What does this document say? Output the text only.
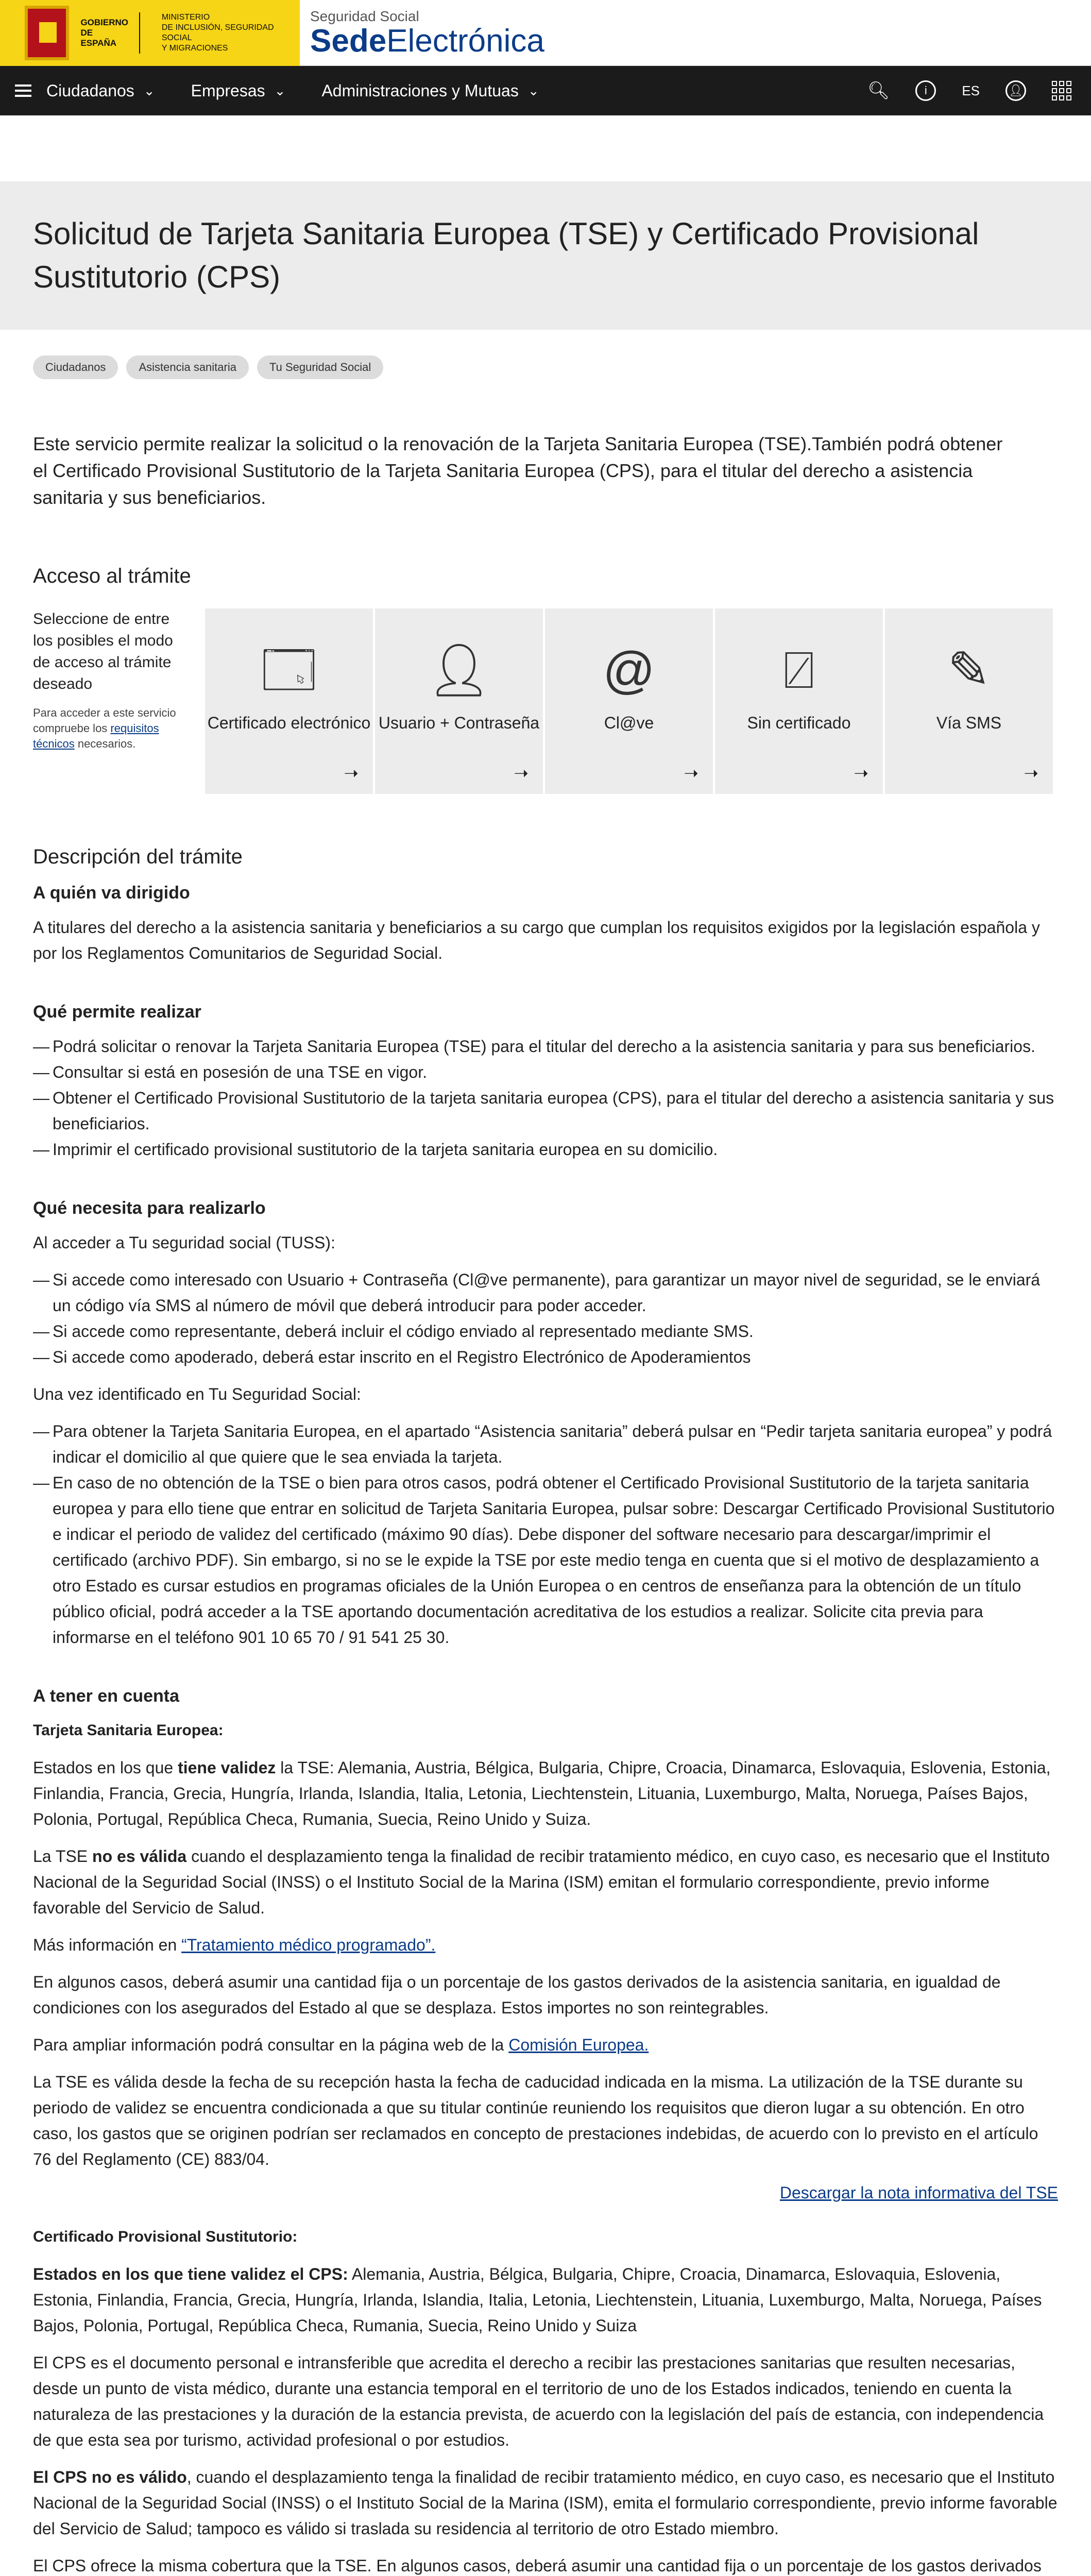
GOBIERNO
DE ESPAÑA
MINISTERIO
DE INCLUSIÓN, SEGURIDAD SOCIAL
Y MIGRACIONES
Seguridad Social
SedeElectrónica
Ciudadanos ⌄ Empresas ⌄ Administraciones y Mutuas ⌄	🔍︎	i	ES	👤︎
Solicitud de Tarjeta Sanitaria Europea (TSE) y Certificado Provisional Sustitutorio (CPS)
Ciudadanos	Asistencia sanitaria	Tu Seguridad Social

Este servicio permite realizar la solicitud o la renovación de la Tarjeta Sanitaria Europea (TSE).También podrá obtener el Certificado Provisional Sustitutorio de la Tarjeta Sanitaria Europea (CPS), para el titular del derecho a asistencia sanitaria y sus beneficiarios.

Acceso al trámite
Seleccione de entre los posibles el modo de acceso al trámite deseado
Para acceder a este servicio compruebe los requisitos técnicos necesarios.
🗔︎
Certificado electrónico
➝
👤︎
Usuario + Contraseña
➝
@
Cl@ve
➝
⍁
Sin certificado
➝
✎
Vía SMS
➝
Descripción del trámite
A quién va dirigido

A titulares del derecho a la asistencia sanitaria y beneficiarios a su cargo que cumplan los requisitos exigidos por la legislación española y por los Reglamentos Comunitarios de Seguridad Social.

Qué permite realizar
— Podrá solicitar o renovar la Tarjeta Sanitaria Europea (TSE) para el titular del derecho a la asistencia sanitaria y para sus beneficiarios.
— Consultar si está en posesión de una TSE en vigor.
— Obtener el Certificado Provisional Sustitutorio de la tarjeta sanitaria europea (CPS), para el titular del derecho a asistencia sanitaria y sus beneficiarios.
— Imprimir el certificado provisional sustitutorio de la tarjeta sanitaria europea en su domicilio.
Qué necesita para realizarlo

Al acceder a Tu seguridad social (TUSS):

— Si accede como interesado con Usuario + Contraseña (Cl@ve permanente), para garantizar un mayor nivel de seguridad, se le enviará un código vía SMS al número de móvil que deberá introducir para poder acceder.
— Si accede como representante, deberá incluir el código enviado al representado mediante SMS.
— Si accede como apoderado, deberá estar inscrito en el Registro Electrónico de Apoderamientos

Una vez identificado en Tu Seguridad Social:

— Para obtener la Tarjeta Sanitaria Europea, en el apartado “Asistencia sanitaria” deberá pulsar en “Pedir tarjeta sanitaria europea” y podrá indicar el domicilio al que quiere que le sea enviada la tarjeta.
— En caso de no obtención de la TSE o bien para otros casos, podrá obtener el Certificado Provisional Sustitutorio de la tarjeta sanitaria europea y para ello tiene que entrar en solicitud de Tarjeta Sanitaria Europea, pulsar sobre: Descargar Certificado Provisional Sustitutorio e indicar el periodo de validez del certificado (máximo 90 días). Debe disponer del software necesario para descargar/imprimir el certificado (archivo PDF). Sin embargo, si no se le expide la TSE por este medio tenga en cuenta que si el motivo de desplazamiento a otro Estado es cursar estudios en programas oficiales de la Unión Europea o en centros de enseñanza para la obtención de un título público oficial, podrá acceder a la TSE aportando documentación acreditativa de los estudios a realizar. Solicite cita previa para informarse en el teléfono 901 10 65 70 / 91 541 25 30.
A tener en cuenta
Tarjeta Sanitaria Europea:

Estados en los que tiene validez la TSE: Alemania, Austria, Bélgica, Bulgaria, Chipre, Croacia, Dinamarca, Eslovaquia, Eslovenia, Estonia, Finlandia, Francia, Grecia, Hungría, Irlanda, Islandia, Italia, Letonia, Liechtenstein, Lituania, Luxemburgo, Malta, Noruega, Países Bajos, Polonia, Portugal, República Checa, Rumania, Suecia, Reino Unido y Suiza.

La TSE no es válida cuando el desplazamiento tenga la finalidad de recibir tratamiento médico, en cuyo caso, es necesario que el Instituto Nacional de la Seguridad Social (INSS) o el Instituto Social de la Marina (ISM) emitan el formulario correspondiente, previo informe favorable del Servicio de Salud.

Más información en “Tratamiento médico programado”.

En algunos casos, deberá asumir una cantidad fija o un porcentaje de los gastos derivados de la asistencia sanitaria, en igualdad de condiciones con los asegurados del Estado al que se desplaza. Estos importes no son reintegrables.

Para ampliar información podrá consultar en la página web de la Comisión Europea.

La TSE es válida desde la fecha de su recepción hasta la fecha de caducidad indicada en la misma. La utilización de la TSE durante su periodo de validez se encuentra condicionada a que su titular continúe reuniendo los requisitos que dieron lugar a su obtención. En otro caso, los gastos que se originen podrían ser reclamados en concepto de prestaciones indebidas, de acuerdo con lo previsto en el artículo 76 del Reglamento (CE) 883/04.

Descargar la nota informativa del TSE

Certificado Provisional Sustitutorio:

Estados en los que tiene validez el CPS: Alemania, Austria, Bélgica, Bulgaria, Chipre, Croacia, Dinamarca, Eslovaquia, Eslovenia, Estonia, Finlandia, Francia, Grecia, Hungría, Irlanda, Islandia, Italia, Letonia, Liechtenstein, Lituania, Luxemburgo, Malta, Noruega, Países Bajos, Polonia, Portugal, República Checa, Rumania, Suecia, Reino Unido y Suiza

El CPS es el documento personal e intransferible que acredita el derecho a recibir las prestaciones sanitarias que resulten necesarias, desde un punto de vista médico, durante una estancia temporal en el territorio de uno de los Estados indicados, teniendo en cuenta la naturaleza de las prestaciones y la duración de la estancia prevista, de acuerdo con la legislación del país de estancia, con independencia de que esta sea por turismo, actividad profesional o por estudios.

El CPS no es válido, cuando el desplazamiento tenga la finalidad de recibir tratamiento médico, en cuyo caso, es necesario que el Instituto Nacional de la Seguridad Social (INSS) o el Instituto Social de la Marina (ISM), emita el formulario correspondiente, previo informe favorable del Servicio de Salud; tampoco es válido si traslada su residencia al territorio de otro Estado miembro.

El CPS ofrece la misma cobertura que la TSE. En algunos casos, deberá asumir una cantidad fija o un porcentaje de los gastos derivados
